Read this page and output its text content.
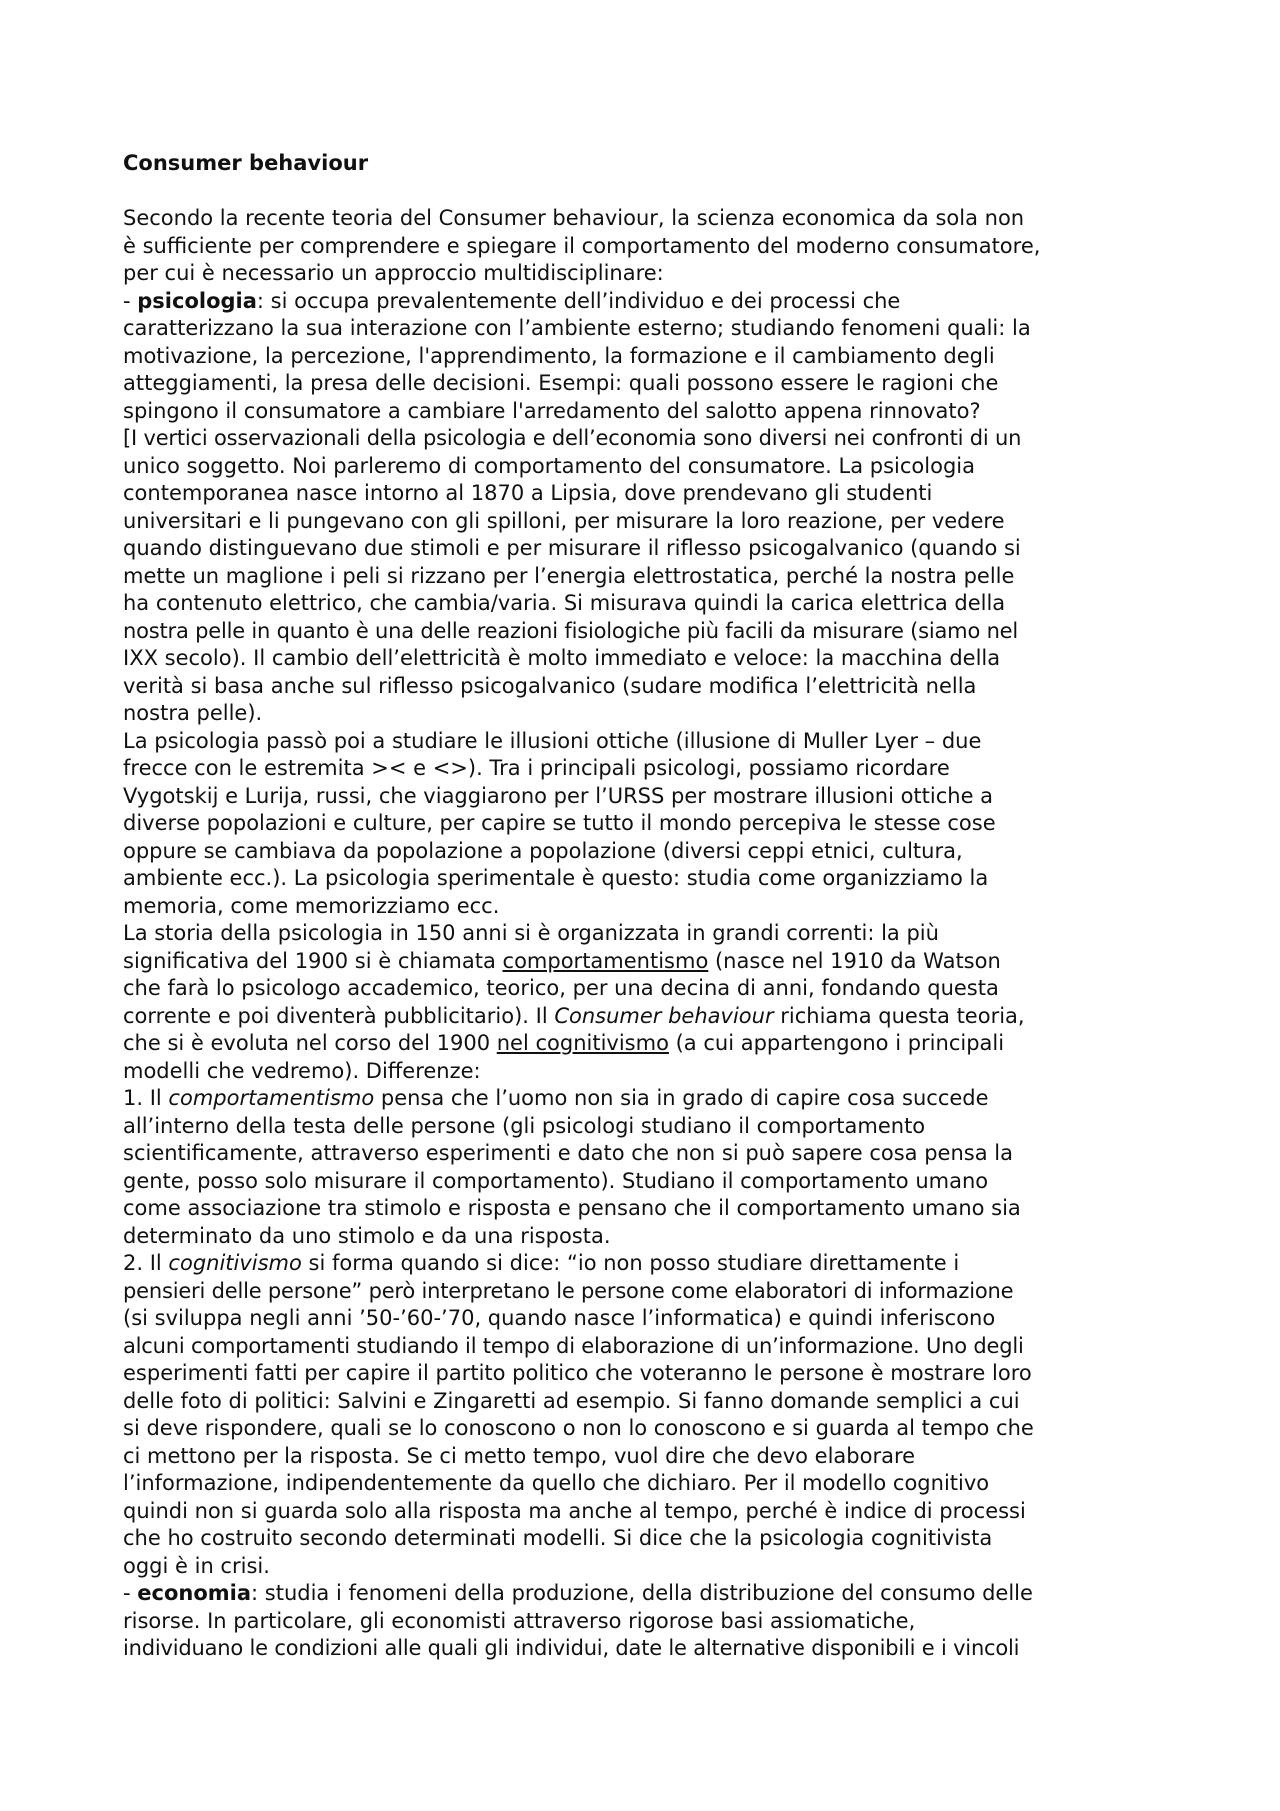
Consumer behaviour
Secondo la recente teoria del Consumer behaviour, la scienza economica da sola non
è sufficiente per comprendere e spiegare il comportamento del moderno consumatore,
per cui è necessario un approccio multidisciplinare:
- psicologia: si occupa prevalentemente dell’individuo e dei processi che
caratterizzano la sua interazione con l’ambiente esterno; studiando fenomeni quali: la
motivazione, la percezione, l'apprendimento, la formazione e il cambiamento degli
atteggiamenti, la presa delle decisioni. Esempi: quali possono essere le ragioni che
spingono il consumatore a cambiare l'arredamento del salotto appena rinnovato?
[I vertici osservazionali della psicologia e dell’economia sono diversi nei confronti di un
unico soggetto. Noi parleremo di comportamento del consumatore. La psicologia
contemporanea nasce intorno al 1870 a Lipsia, dove prendevano gli studenti
universitari e li pungevano con gli spilloni, per misurare la loro reazione, per vedere
quando distinguevano due stimoli e per misurare il riflesso psicogalvanico (quando si
mette un maglione i peli si rizzano per l’energia elettrostatica, perché la nostra pelle
ha contenuto elettrico, che cambia/varia. Si misurava quindi la carica elettrica della
nostra pelle in quanto è una delle reazioni fisiologiche più facili da misurare (siamo nel
IXX secolo). Il cambio dell’elettricità è molto immediato e veloce: la macchina della
verità si basa anche sul riflesso psicogalvanico (sudare modifica l’elettricità nella
nostra pelle).
La psicologia passò poi a studiare le illusioni ottiche (illusione di Muller Lyer – due
frecce con le estremita >< e <>). Tra i principali psicologi, possiamo ricordare
Vygotskij e Lurija, russi, che viaggiarono per l’URSS per mostrare illusioni ottiche a
diverse popolazioni e culture, per capire se tutto il mondo percepiva le stesse cose
oppure se cambiava da popolazione a popolazione (diversi ceppi etnici, cultura,
ambiente ecc.). La psicologia sperimentale è questo: studia come organizziamo la
memoria, come memorizziamo ecc.
La storia della psicologia in 150 anni si è organizzata in grandi correnti: la più
significativa del 1900 si è chiamata comportamentismo (nasce nel 1910 da Watson
che farà lo psicologo accademico, teorico, per una decina di anni, fondando questa
corrente e poi diventerà pubblicitario). Il Consumer behaviour richiama questa teoria,
che si è evoluta nel corso del 1900 nel cognitivismo (a cui appartengono i principali
modelli che vedremo). Differenze:
1. Il comportamentismo pensa che l’uomo non sia in grado di capire cosa succede
all’interno della testa delle persone (gli psicologi studiano il comportamento
scientificamente, attraverso esperimenti e dato che non si può sapere cosa pensa la
gente, posso solo misurare il comportamento). Studiano il comportamento umano
come associazione tra stimolo e risposta e pensano che il comportamento umano sia
determinato da uno stimolo e da una risposta.
2. Il cognitivismo si forma quando si dice: “io non posso studiare direttamente i
pensieri delle persone” però interpretano le persone come elaboratori di informazione
(si sviluppa negli anni ’50-’60-’70, quando nasce l’informatica) e quindi inferiscono
alcuni comportamenti studiando il tempo di elaborazione di un’informazione. Uno degli
esperimenti fatti per capire il partito politico che voteranno le persone è mostrare loro
delle foto di politici: Salvini e Zingaretti ad esempio. Si fanno domande semplici a cui
si deve rispondere, quali se lo conoscono o non lo conoscono e si guarda al tempo che
ci mettono per la risposta. Se ci metto tempo, vuol dire che devo elaborare
l’informazione, indipendentemente da quello che dichiaro. Per il modello cognitivo
quindi non si guarda solo alla risposta ma anche al tempo, perché è indice di processi
che ho costruito secondo determinati modelli. Si dice che la psicologia cognitivista
oggi è in crisi.
- economia: studia i fenomeni della produzione, della distribuzione del consumo delle
risorse. In particolare, gli economisti attraverso rigorose basi assiomatiche,
individuano le condizioni alle quali gli individui, date le alternative disponibili e i vincoli
